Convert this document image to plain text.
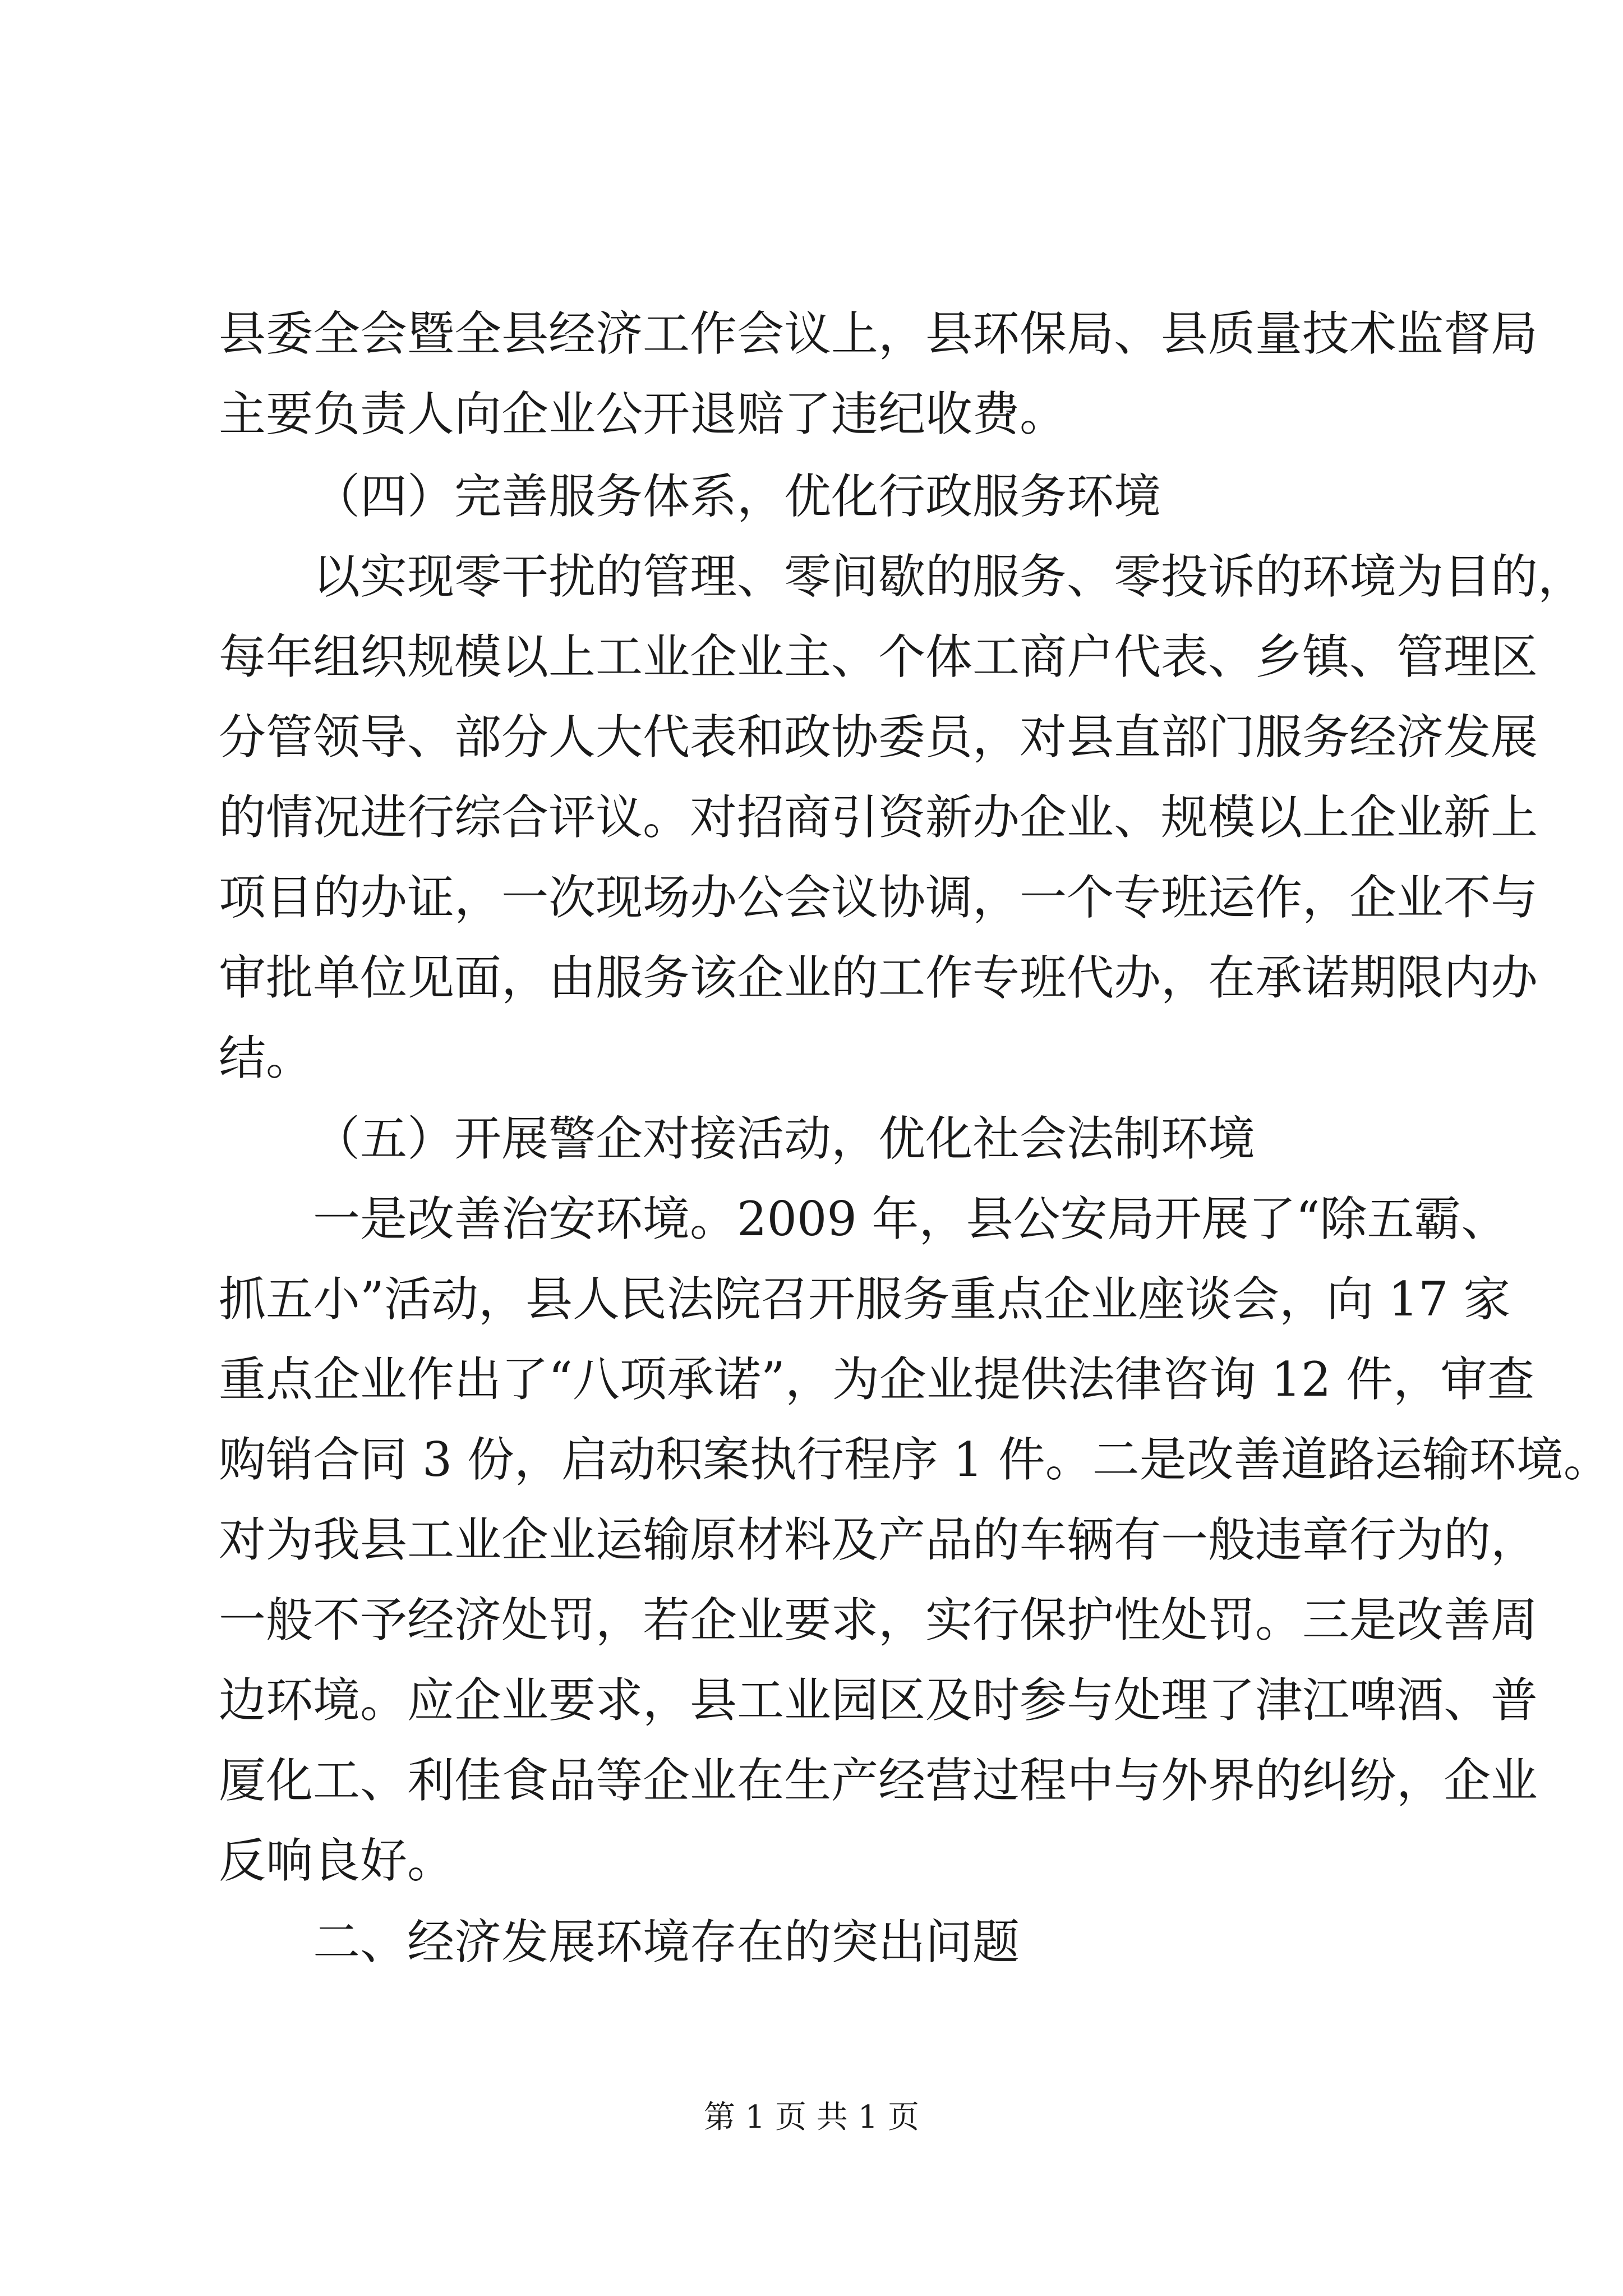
县委全会暨全县经济工作会议上，县环保局、县质量技术监督局
主要负责人向企业公开退赔了违纪收费。
（四）完善服务体系，优化行政服务环境
以实现零干扰的管理、零间歇的服务、零投诉的环境为目的，
每年组织规模以上工业企业主、个体工商户代表、乡镇、管理区
分管领导、部分人大代表和政协委员，对县直部门服务经济发展
的情况进行综合评议。对招商引资新办企业、规模以上企业新上
项目的办证，一次现场办公会议协调，一个专班运作，企业不与
审批单位见面，由服务该企业的工作专班代办，在承诺期限内办
结。
（五）开展警企对接活动，优化社会法制环境
一是改善治安环境。2009 年，县公安局开展了“除五霸、
抓五小”活动，县人民法院召开服务重点企业座谈会，向 17 家
重点企业作出了“八项承诺”，为企业提供法律咨询 12 件，审查
购销合同 3 份，启动积案执行程序 1 件。二是改善道路运输环境。
对为我县工业企业运输原材料及产品的车辆有一般违章行为的，
一般不予经济处罚，若企业要求，实行保护性处罚。三是改善周
边环境。应企业要求，县工业园区及时参与处理了津江啤酒、普
厦化工、利佳食品等企业在生产经营过程中与外界的纠纷，企业
反响良好。
二、经济发展环境存在的突出问题
第 1 页 共 1 页
